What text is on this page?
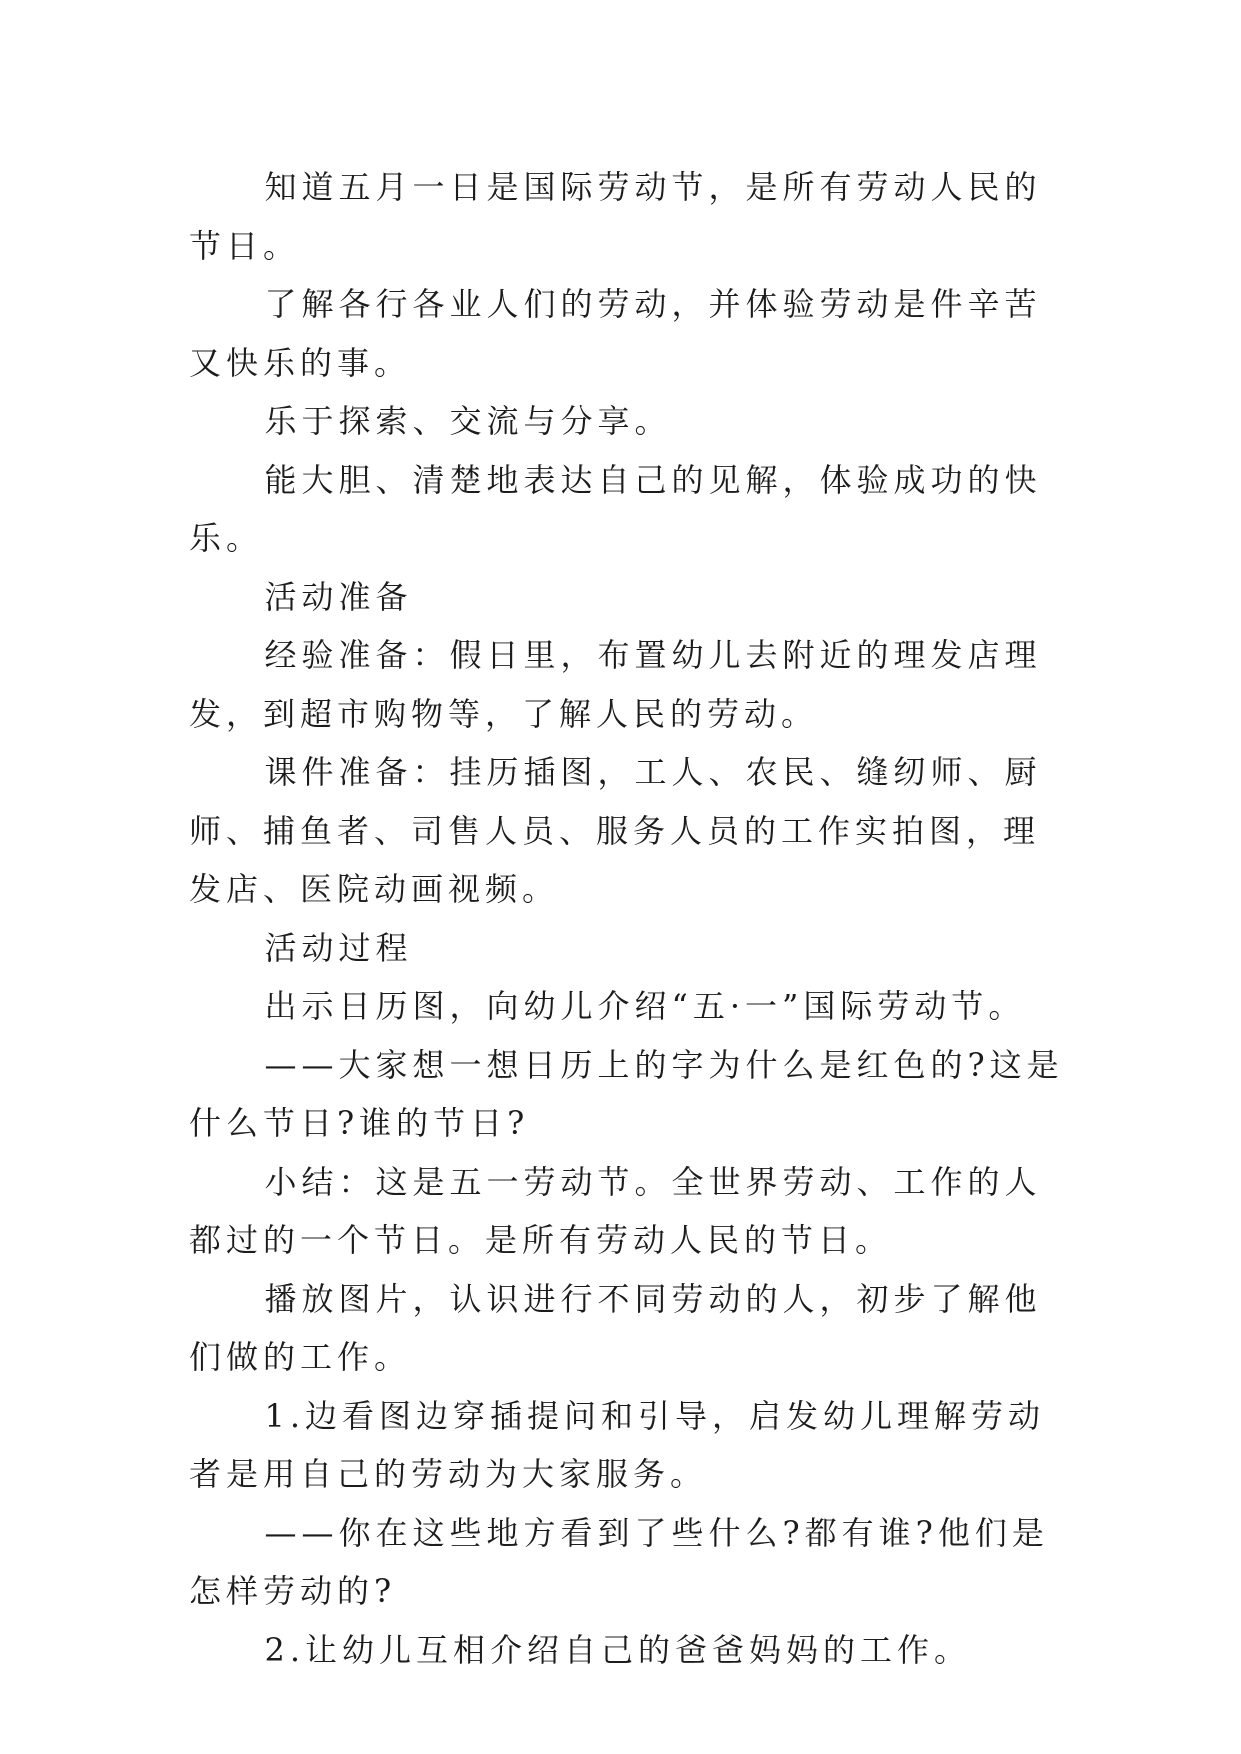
知道五月一日是国际劳动节，是所有劳动人民的节日。

了解各行各业人们的劳动，并体验劳动是件辛苦又快乐的事。

乐于探索、交流与分享。

能大胆、清楚地表达自己的见解，体验成功的快乐。

活动准备

经验准备：假日里，布置幼儿去附近的理发店理发，到超市购物等，了解人民的劳动。

课件准备：挂历插图，工人、农民、缝纫师、厨师、捕鱼者、司售人员、服务人员的工作实拍图，理发店、医院动画视频。

活动过程

出示日历图，向幼儿介绍“五·一”国际劳动节。

——大家想一想日历上的字为什么是红色的?这是什么节日?谁的节日?

小结：这是五一劳动节。全世界劳动、工作的人都过的一个节日。是所有劳动人民的节日。

播放图片，认识进行不同劳动的人，初步了解他们做的工作。

1.边看图边穿插提问和引导，启发幼儿理解劳动者是用自己的劳动为大家服务。

——你在这些地方看到了些什么?都有谁?他们是怎样劳动的?

2.让幼儿互相介绍自己的爸爸妈妈的工作。
